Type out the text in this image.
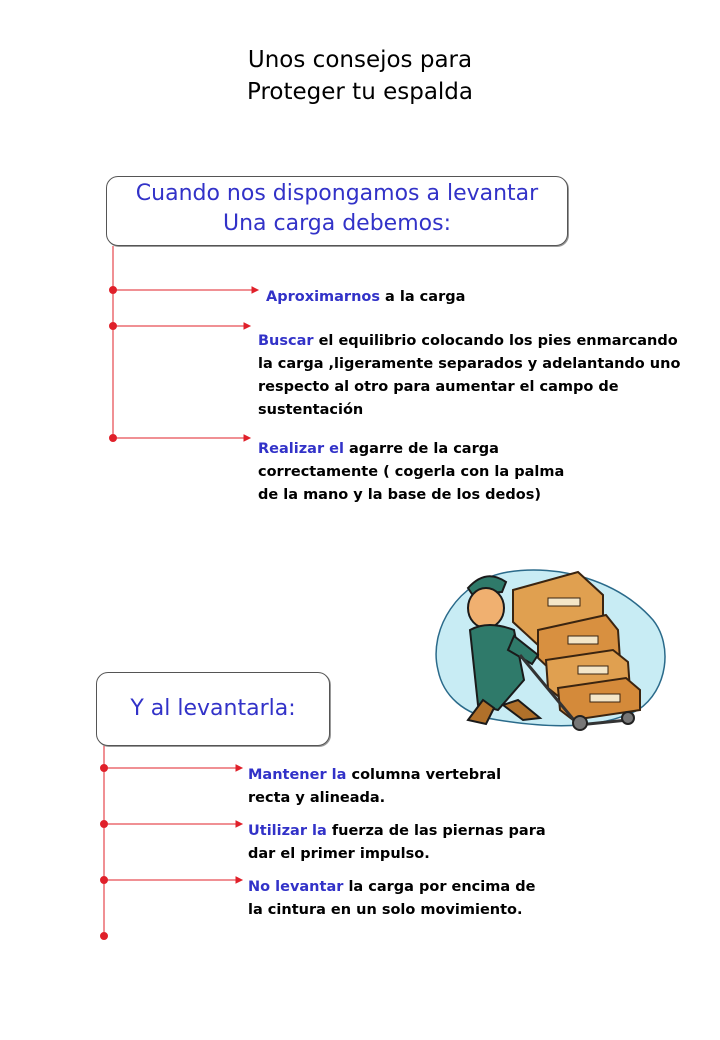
Unos consejos para
Proteger tu espalda
Cuando nos dispongamos a levantar
Una carga debemos:
Aproximarnos a la carga
Buscar el equilibrio colocando los pies enmarcando la carga ,ligeramente separados y adelantando uno respecto al otro para aumentar el campo de sustentación
Realizar el agarre de la carga correctamente ( cogerla con la palma de la mano y la base de los dedos)
Y al levantarla:
Mantener la columna vertebral recta y alineada.
Utilizar la fuerza de las piernas para dar el primer impulso.
No levantar la carga por encima de la cintura en un solo movimiento.
